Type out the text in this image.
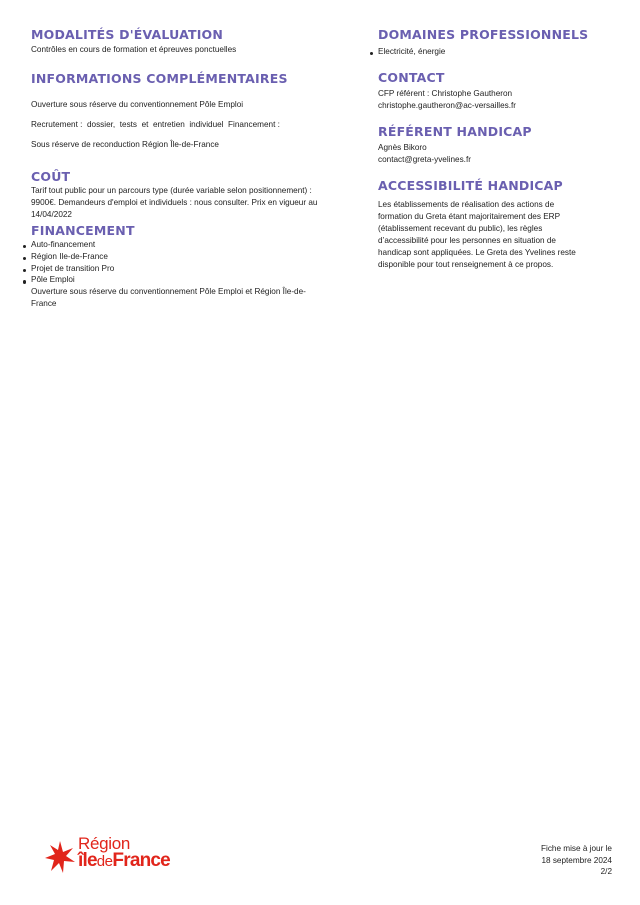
MODALITÉS D'ÉVALUATION

Contrôles en cours de formation et épreuves ponctuelles

INFORMATIONS COMPLÉMENTAIRES

Ouverture sous réserve du conventionnement Pôle Emploi

Recrutement :  dossier,  tests  et  entretien  individuel  Financement :

Sous réserve de reconduction Région Île-de-France

COÛT

Tarif tout public pour un parcours type (durée variable selon positionnement) :

9900€. Demandeurs d'emploi et individuels : nous consulter. Prix en vigueur au

14/04/2022

FINANCEMENT
Auto-financement
Région Ile-de-France
Projet de transition Pro
Pôle Emploi
Ouverture sous réserve du conventionnement Pôle Emploi et Région Île-de-
France
DOMAINES PROFESSIONNELS
Electricité, énergie
CONTACT

CFP référent : Christophe Gautheron

christophe.gautheron@ac-versailles.fr

RÉFÉRENT HANDICAP

Agnès Bikoro

contact@greta-yvelines.fr

ACCESSIBILITÉ HANDICAP

Les établissements de réalisation des actions de

formation du Greta étant majoritairement des ERP

(établissement recevant du public), les règles

d’accessibilité pour les personnes en situation de

handicap sont appliquées. Le Greta des Yvelines reste

disponible pour tout renseignement à ce propos.

Région
îledeFrance
Fiche mise à jour le
18 septembre 2024
2/2
